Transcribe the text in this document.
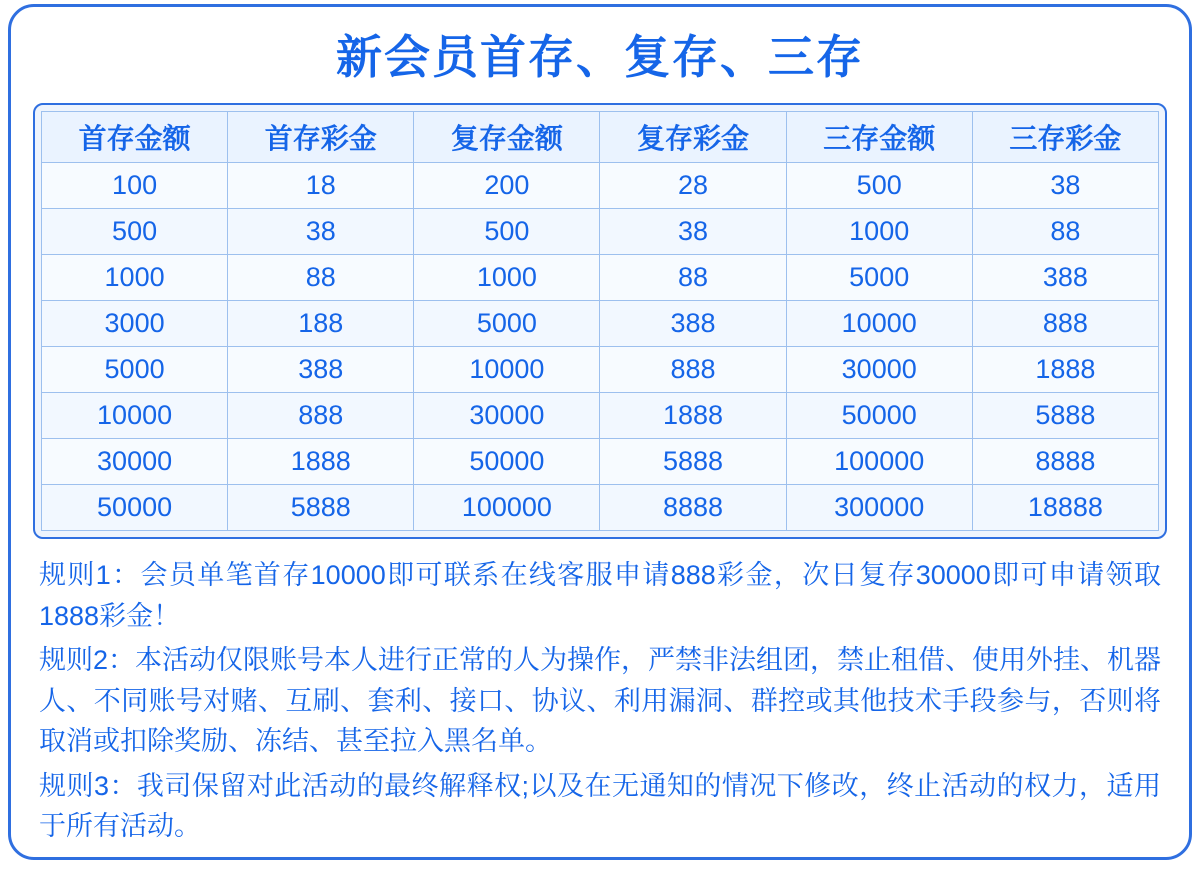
新会员首存、复存、三存
首存金额	首存彩金	复存金额	复存彩金	三存金额	三存彩金
100	18	200	28	500	38
500	38	500	38	1000	88
1000	88	1000	88	5000	388
3000	188	5000	388	10000	888
5000	388	10000	888	30000	1888
10000	888	30000	1888	50000	5888
30000	1888	50000	5888	100000	8888
50000	5888	100000	8888	300000	18888
规则1：会员单笔首存10000即可联系在线客服申请888彩金，次日复存30000即可申请领取1888彩金！
规则2：本活动仅限账号本人进行正常的人为操作，严禁非法组团，禁止租借、使用外挂、机器人、不同账号对赌、互刷、套利、接口、协议、利用漏洞、群控或其他技术手段参与，否则将取消或扣除奖励、冻结、甚至拉入黑名单。
规则3：我司保留对此活动的最终解释权;以及在无通知的情况下修改，终止活动的权力，适用于所有活动。
